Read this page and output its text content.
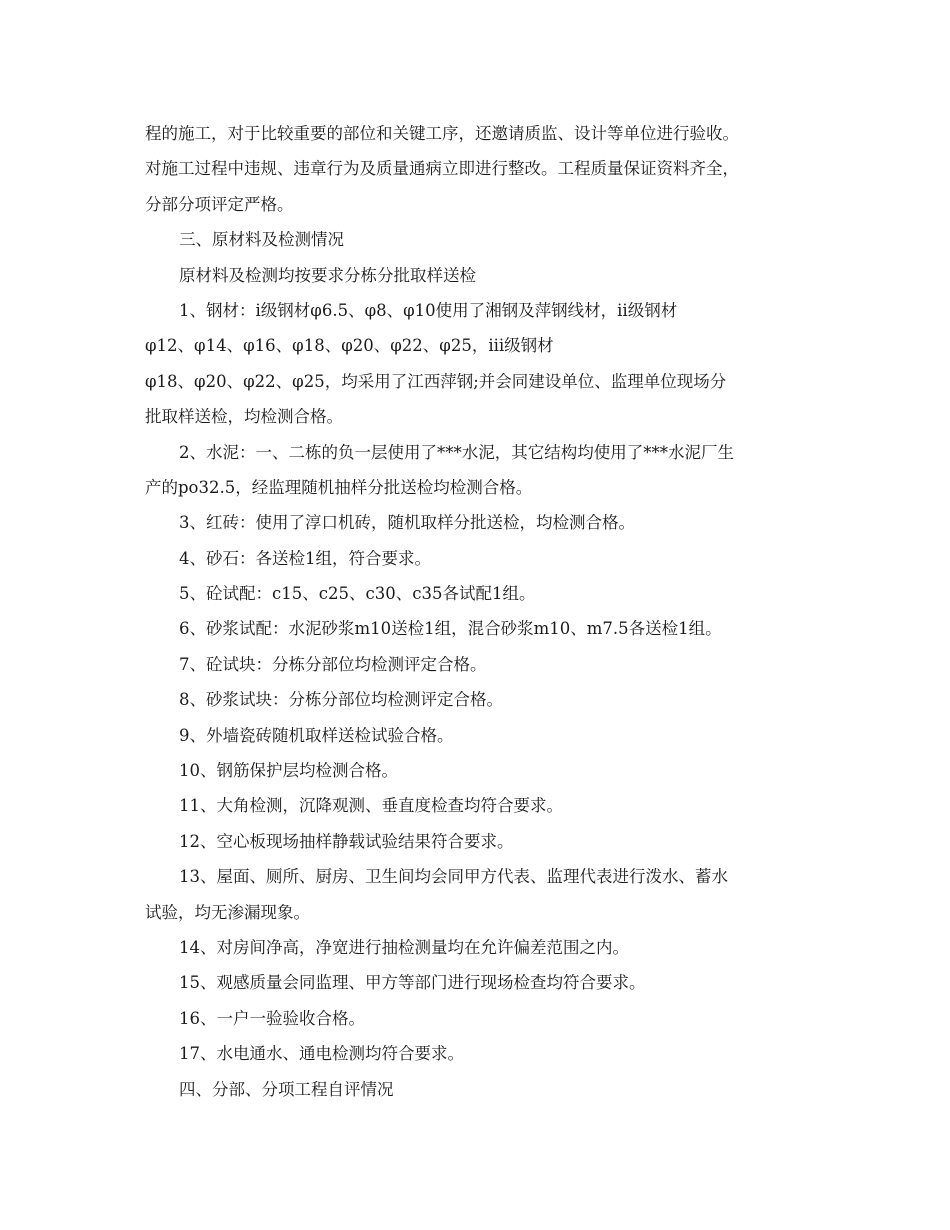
程的施工，对于比较重要的部位和关键工序，还邀请质监、设计等单位进行验收。
对施工过程中违规、违章行为及质量通病立即进行整改。工程质量保证资料齐全，
分部分项评定严格。
三、原材料及检测情况
原材料及检测均按要求分栋分批取样送检
1、钢材：ⅰ级钢材φ6.5、φ8、φ10使用了湘钢及萍钢线材，ⅱ级钢材
φ12、φ14、φ16、φ18、φ20、φ22、φ25，ⅲ级钢材
φ18、φ20、φ22、φ25，均采用了江西萍钢;并会同建设单位、监理单位现场分
批取样送检，均检测合格。
2、水泥：一、二栋的负一层使用了***水泥，其它结构均使用了***水泥厂生
产的po32.5，经监理随机抽样分批送检均检测合格。
3、红砖：使用了淳口机砖，随机取样分批送检，均检测合格。
4、砂石：各送检1组，符合要求。
5、砼试配：c15、c25、c30、c35各试配1组。
6、砂浆试配：水泥砂浆m10送检1组，混合砂浆m10、m7.5各送检1组。
7、砼试块：分栋分部位均检测评定合格。
8、砂浆试块：分栋分部位均检测评定合格。
9、外墙瓷砖随机取样送检试验合格。
10、钢筋保护层均检测合格。
11、大角检测，沉降观测、垂直度检查均符合要求。
12、空心板现场抽样静载试验结果符合要求。
13、屋面、厕所、厨房、卫生间均会同甲方代表、监理代表进行泼水、蓄水
试验，均无渗漏现象。
14、对房间净高，净宽进行抽检测量均在允许偏差范围之内。
15、观感质量会同监理、甲方等部门进行现场检查均符合要求。
16、一户一验验收合格。
17、水电通水、通电检测均符合要求。
四、分部、分项工程自评情况
